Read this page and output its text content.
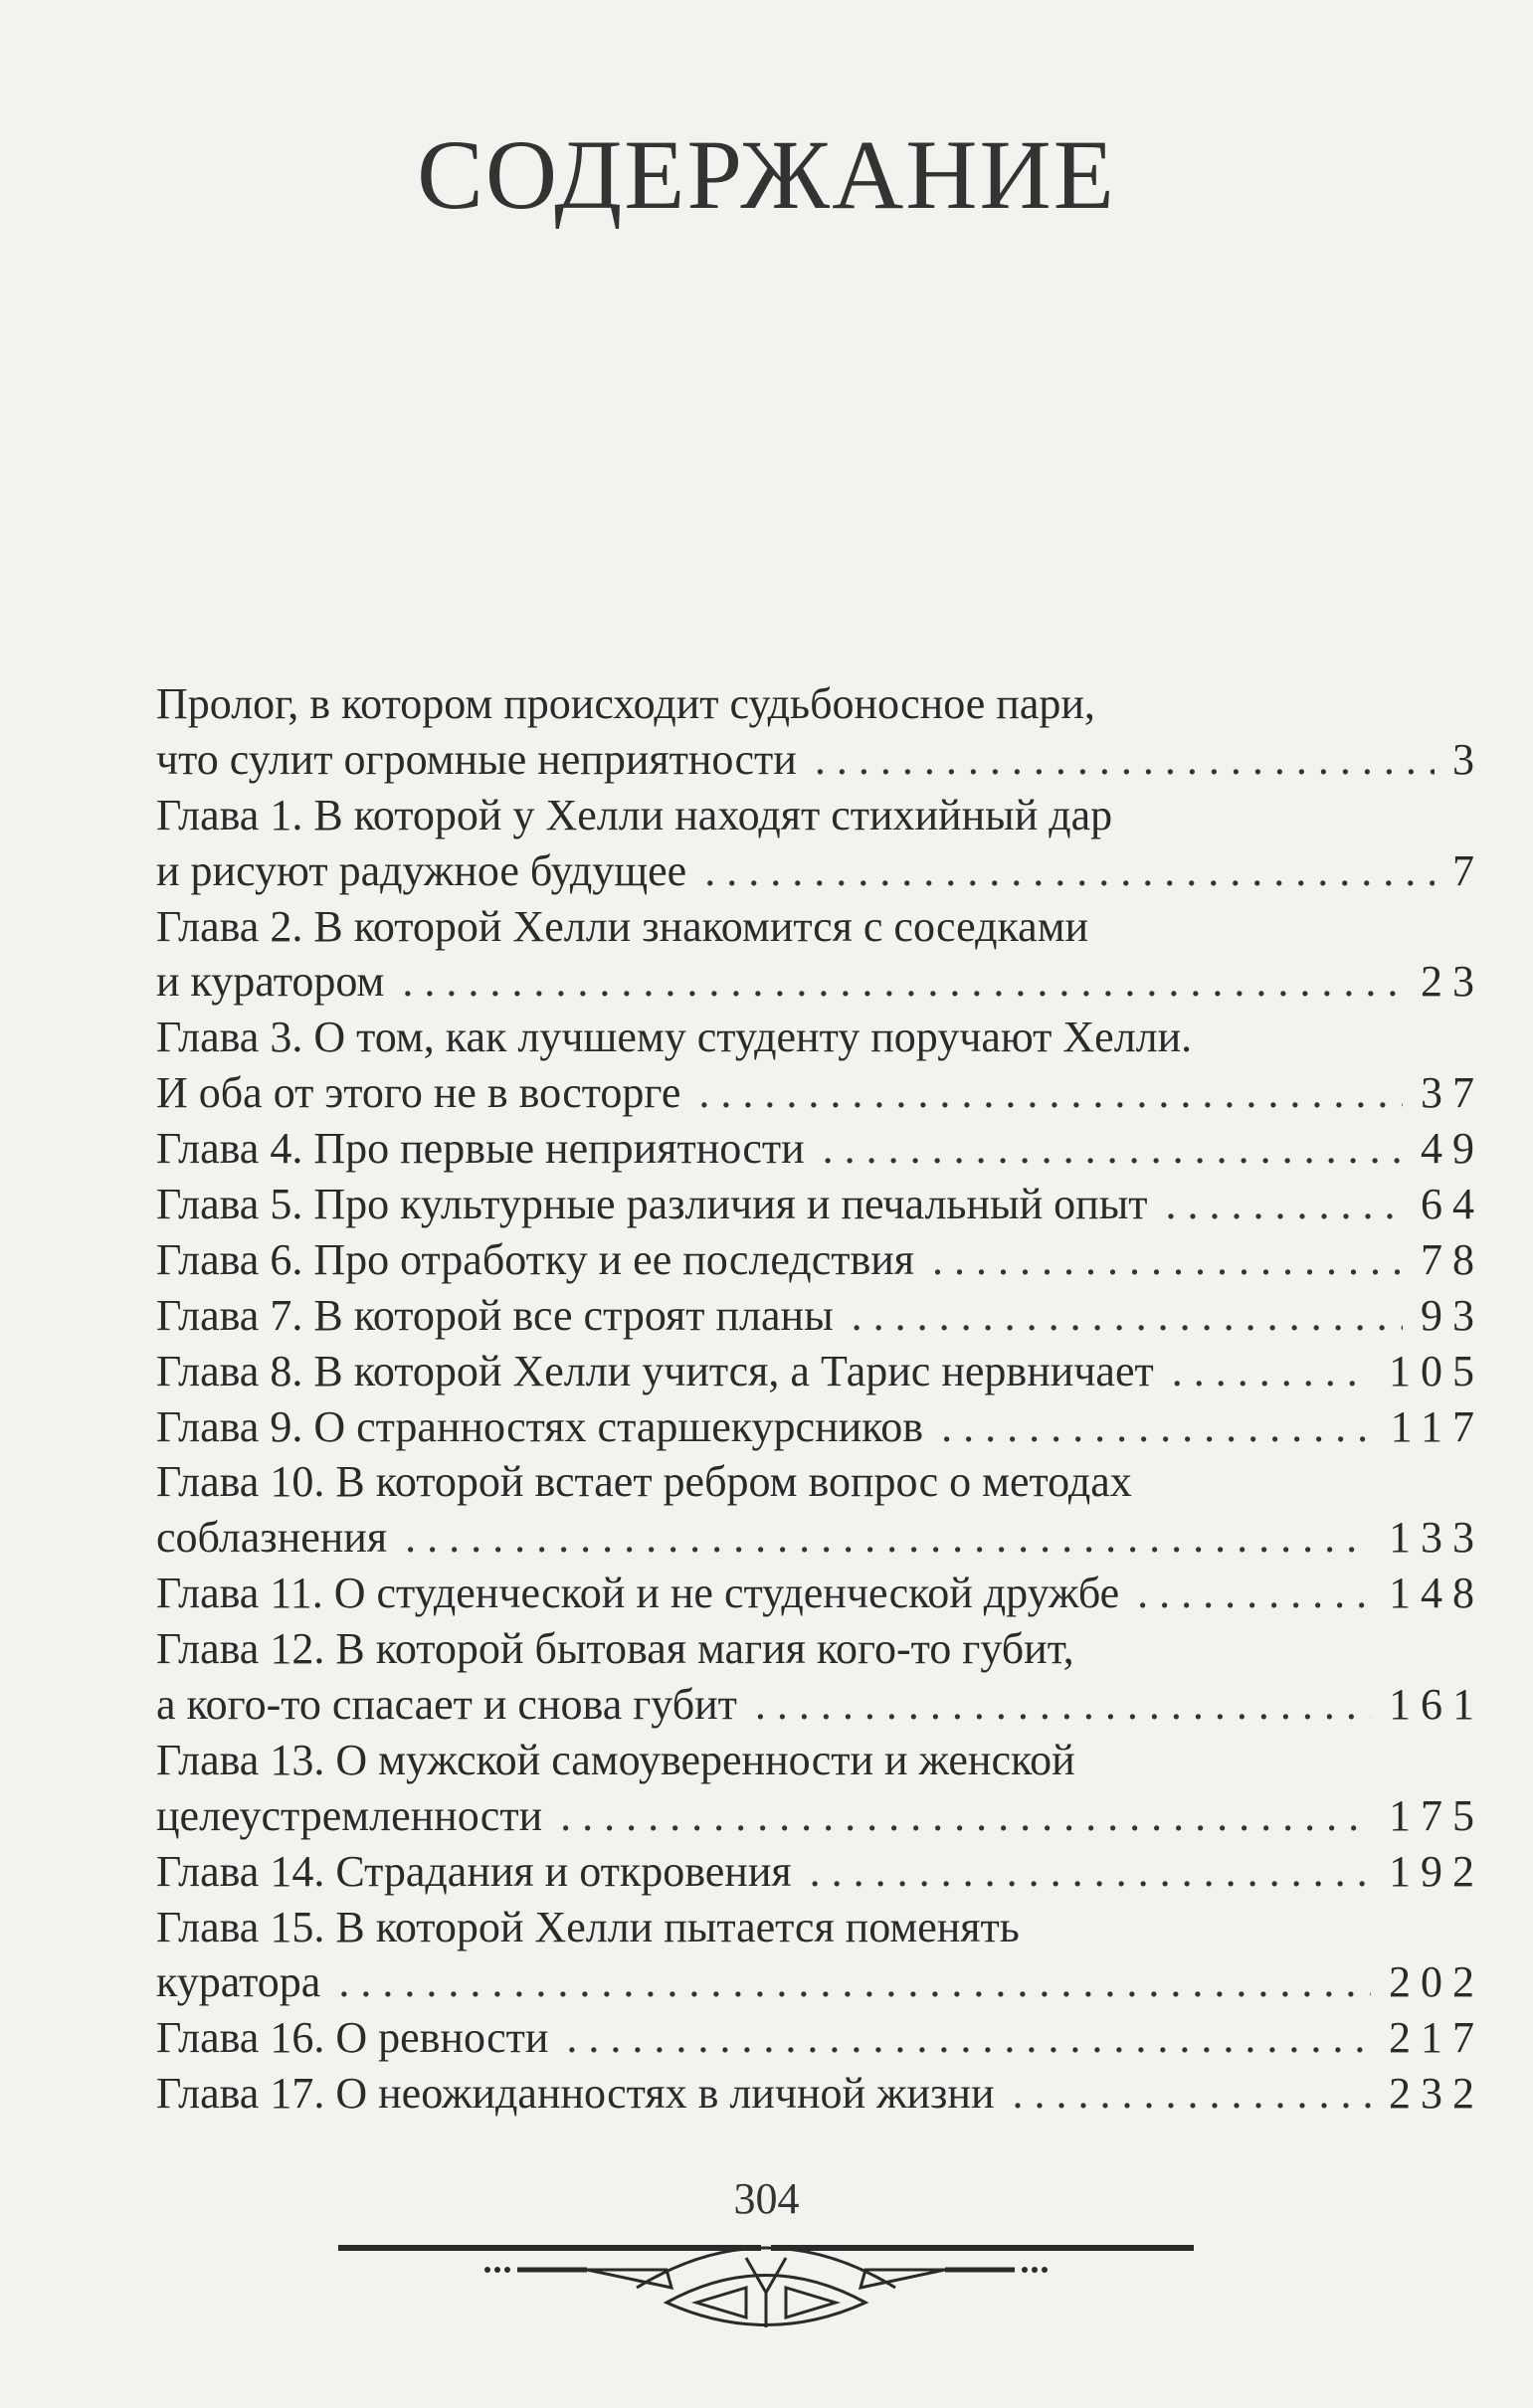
СОДЕРЖАНИЕ
Пролог, в котором происходит судьбоносное пари,
что сулит огромные неприятности . . .	3
Глава 1. В которой у Хелли находят стихийный дар
и рисуют радужное будущее . . .	7
Глава 2. В которой Хелли знакомится с соседками
и куратором . . .	23
Глава 3. О том, как лучшему студенту поручают Хелли.
И оба от этого не в восторге . . .	37
Глава 4. Про первые неприятности . . .	49
Глава 5. Про культурные различия и печальный опыт . . .	64
Глава 6. Про отработку и ее последствия . . .	78
Глава 7. В которой все строят планы . . .	93
Глава 8. В которой Хелли учится, а Тарис нервничает . . .	105
Глава 9. О странностях старшекурсников . . .	117
Глава 10. В которой встает ребром вопрос о методах
соблазнения . . .	133
Глава 11. О студенческой и не студенческой дружбе . . .	148
Глава 12. В которой бытовая магия кого-то губит,
а кого-то спасает и снова губит . . .	161
Глава 13. О мужской самоуверенности и женской
целеустремленности . . .	175
Глава 14. Страдания и откровения . . .	192
Глава 15. В которой Хелли пытается поменять
куратора . . .	202
Глава 16. О ревности . . .	217
Глава 17. О неожиданностях в личной жизни . . .	232
304
